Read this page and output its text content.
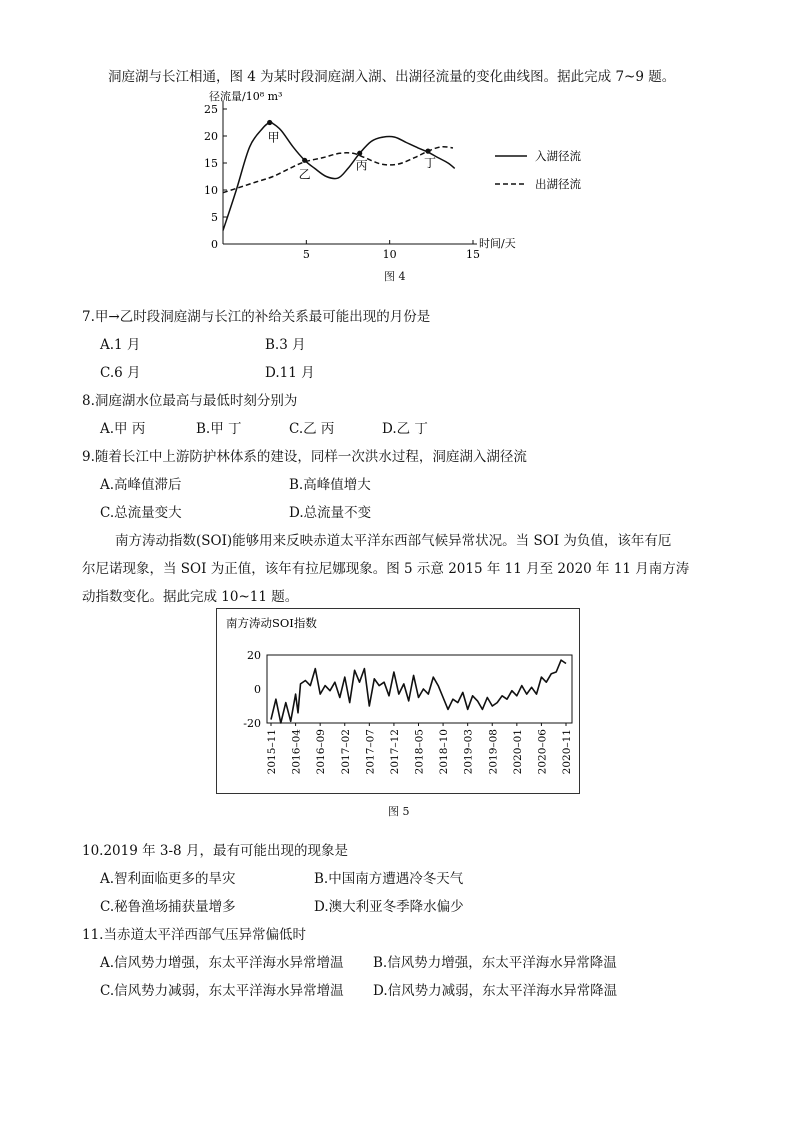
洞庭湖与长江相通，图 4 为某时段洞庭湖入湖、出湖径流量的变化曲线图。据此完成 7~9 题。
径流量/10⁸ m³
时间/天
0
5
10
15
20
25
5	10	15
入湖径流
出湖径流
甲
乙
丙	丁
图 4
7.甲→乙时段洞庭湖与长江的补给关系最可能出现的月份是
A.1 月	B.3 月
C.6 月	D.11 月
8.洞庭湖水位最高与最低时刻分别为
A.甲 丙	B.甲 丁	C.乙 丙	D.乙 丁
9.随着长江中上游防护林体系的建设，同样一次洪水过程，洞庭湖入湖径流
A.高峰值滞后	B.高峰值增大
C.总流量变大	D.总流量不变
南方涛动指数(SOI)能够用来反映赤道太平洋东西部气候异常状况。当 SOI 为负值，该年有厄
尔尼诺现象，当 SOI 为正值，该年有拉尼娜现象。图 5 示意 2015 年 11 月至 2020 年 11 月南方涛
动指数变化。据此完成 10~11 题。
南方涛动SOI指数
20
0
-20
2015–11 2016–04 2016–09 2017–02 2017–07 2017–12 2018–05 2018–10 2019–03 2019–08 2020–01 2020–06 2020–11
图 5
10.2019 年 3-8 月，最有可能出现的现象是
A.智利面临更多的旱灾	B.中国南方遭遇冷冬天气
C.秘鲁渔场捕获量增多	D.澳大利亚冬季降水偏少
11.当赤道太平洋西部气压异常偏低时
A.信风势力增强，东太平洋海水异常增温 B.信风势力增强，东太平洋海水异常降温
C.信风势力减弱，东太平洋海水异常增温 D.信风势力减弱，东太平洋海水异常降温
